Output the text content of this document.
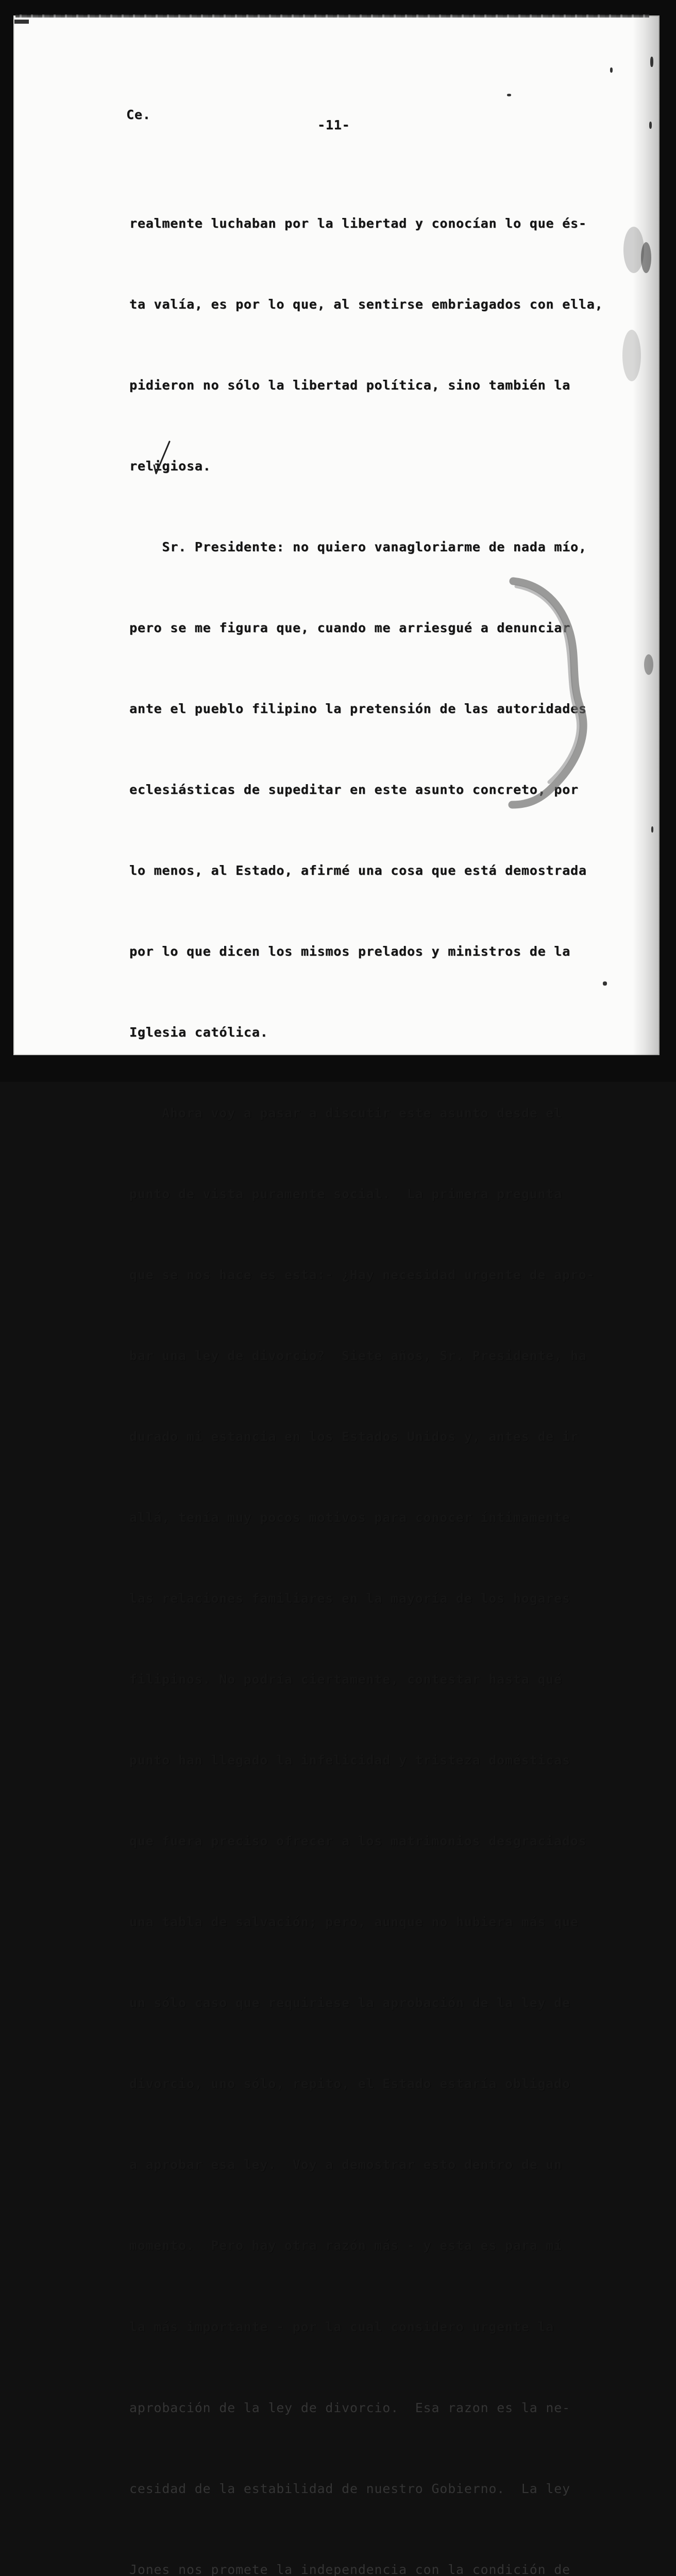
Ce.
-11-

realmente luchaban por la libertad y conocían lo que és-

ta valía, es por lo que, al sentirse embriagados con ella,

pidieron no sólo la libertad política, sino también la

religiosa.

Sr. Presidente: no quiero vanagloriarme de nada mío,

pero se me figura que, cuando me arriesgué a denunciar

ante el pueblo filipino la pretensión de las autoridades

eclesiásticas de supeditar en este asunto concreto, por

lo menos, al Estado, afirmé una cosa que está demostrada

por lo que dicen los mismos prelados y ministros de la

Iglesia católica.

Ahora voy a pasar a discutir este asunto desde el

punto de vista puramente social.  La primera pregunta

que se nos hace es esta:- ¿Hay necesidad urgente de apro-

bar una ley de divorcio?  Siete años, Sr. Presidente, ha

durado mi estancia en los Estados Unidos y, antes de ir

allá, tenía muy pocos motivos para conocer íntimamente

las relaciones familiares en la mayoría de los hogares

filipinos. No podría ciertamente, contestar hasta qué

punto han llegado la infelicidad y tristeza domésticas

que fuera preciso ofrecer a los matrimonios desgraciados

una tabla de salvación; pero, aunque no hubiera más que

un sólo caso que requiriese la aprobación de la ley de

divorcio, uno sólo, repito, el Estado estaría obligado

a aprobar esa ley.  Voy a demostrar esto dentro de un

momento.  Pero hay otra razón más - y esta es para mí

la más importante - por la cual considero urgente la

aprobación de la ley de divorcio.  Esa razon es la ne-

cesidad de la estabilidad de nuestro Gobierno.  La ley

Jones nos promete la independencia con la condición de
